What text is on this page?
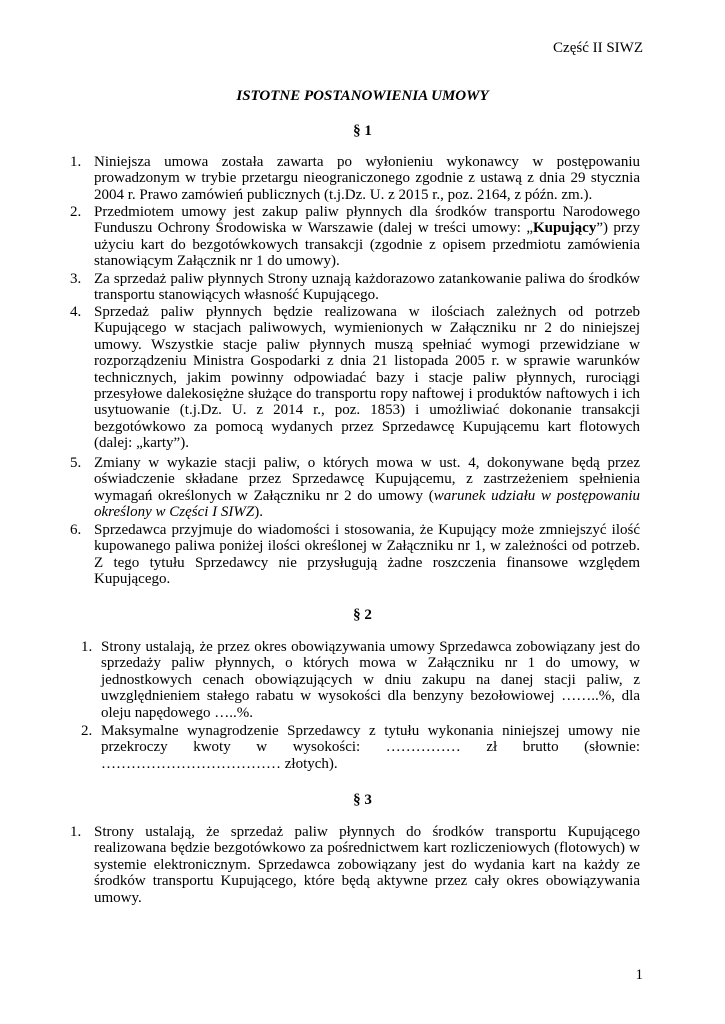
Część II SIWZ
ISTOTNE POSTANOWIENIA UMOWY
§ 1
1. Niniejsza umowa została zawarta po wyłonieniu wykonawcy w postępowaniu prowadzonym w trybie przetargu nieograniczonego zgodnie z ustawą z dnia 29 stycznia 2004 r. Prawo zamówień publicznych (t.j.Dz. U. z 2015 r., poz. 2164, z późn. zm.).

2. Przedmiotem umowy jest zakup paliw płynnych dla środków transportu Narodowego Funduszu Ochrony Środowiska w Warszawie (dalej w treści umowy: „Kupujący”) przy użyciu kart do bezgotówkowych transakcji (zgodnie z opisem przedmiotu zamówienia stanowiącym Załącznik nr 1 do umowy).

3. Za sprzedaż paliw płynnych Strony uznają każdorazowo zatankowanie paliwa do środków transportu stanowiących własność Kupującego.

4. Sprzedaż paliw płynnych będzie realizowana w ilościach zależnych od potrzeb Kupującego w stacjach paliwowych, wymienionych w Załączniku nr 2 do niniejszej umowy. Wszystkie stacje paliw płynnych muszą spełniać wymogi przewidziane w rozporządzeniu Ministra Gospodarki z dnia 21 listopada 2005 r. w sprawie warunków technicznych, jakim powinny odpowiadać bazy i stacje paliw płynnych, rurociągi przesyłowe dalekosiężne służące do transportu ropy naftowej i produktów naftowych i ich usytuowanie (t.j.Dz. U. z 2014 r., poz. 1853) i umożliwiać dokonanie transakcji bezgotówkowo za pomocą wydanych przez Sprzedawcę Kupującemu kart flotowych (dalej: „karty”).

5. Zmiany w wykazie stacji paliw, o których mowa w ust. 4, dokonywane będą przez oświadczenie składane przez Sprzedawcę Kupującemu, z zastrzeżeniem spełnienia wymagań określonych w Załączniku nr 2 do umowy (warunek udziału w postępowaniu określony w Części I SIWZ).

6. Sprzedawca przyjmuje do wiadomości i stosowania, że Kupujący może zmniejszyć ilość kupowanego paliwa poniżej ilości określonej w Załączniku nr 1, w zależności od potrzeb. Z tego tytułu Sprzedawcy nie przysługują żadne roszczenia finansowe względem Kupującego.

§ 2
1. Strony ustalają, że przez okres obowiązywania umowy Sprzedawca zobowiązany jest do sprzedaży paliw płynnych, o których mowa w Załączniku nr 1 do umowy, w jednostkowych cenach obowiązujących w dniu zakupu na danej stacji paliw, z uwzględnieniem stałego rabatu w wysokości dla benzyny bezołowiowej ……..%, dla oleju napędowego …..%.

2. Maksymalne wynagrodzenie Sprzedawcy z tytułu wykonania niniejszej umowy nie przekroczy kwoty w wysokości: …………… zł brutto (słownie: ……………………………… złotych).

§ 3
1. Strony ustalają, że sprzedaż paliw płynnych do środków transportu Kupującego realizowana będzie bezgotówkowo za pośrednictwem kart rozliczeniowych (flotowych) w systemie elektronicznym. Sprzedawca zobowiązany jest do wydania kart na każdy ze środków transportu Kupującego, które będą aktywne przez cały okres obowiązywania umowy.

1
